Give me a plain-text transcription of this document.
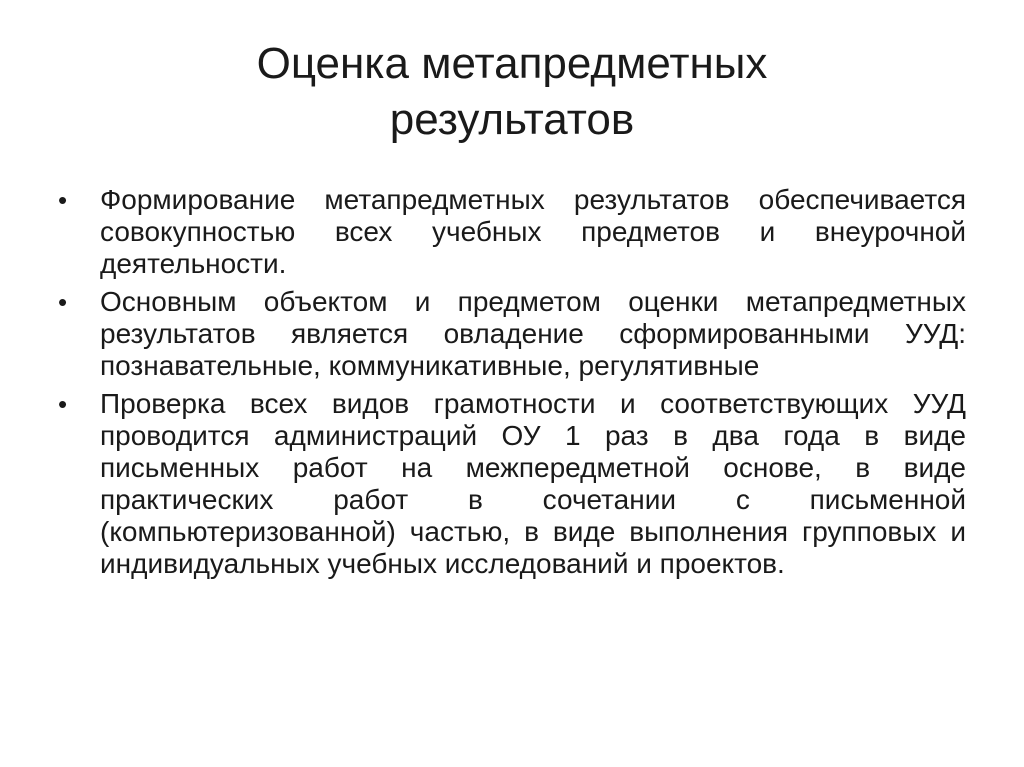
Оценка метапредметных
результатов
•	Формирование метапредметных результатов обеспечивается совокупностью всех учебных предметов и внеурочной деятельности.
•	Основным объектом и предметом оценки метапредметных результатов является овладение сформированными УУД: познавательные, коммуникативные, регулятивные
•	Проверка всех видов грамотности и соответствующих УУД проводится администраций ОУ 1 раз в два года в виде письменных работ на межпередметной основе, в виде практических работ в сочетании с письменной (компьютеризованной) частью, в виде выполнения групповых и индивидуальных учебных исследований и проектов.
